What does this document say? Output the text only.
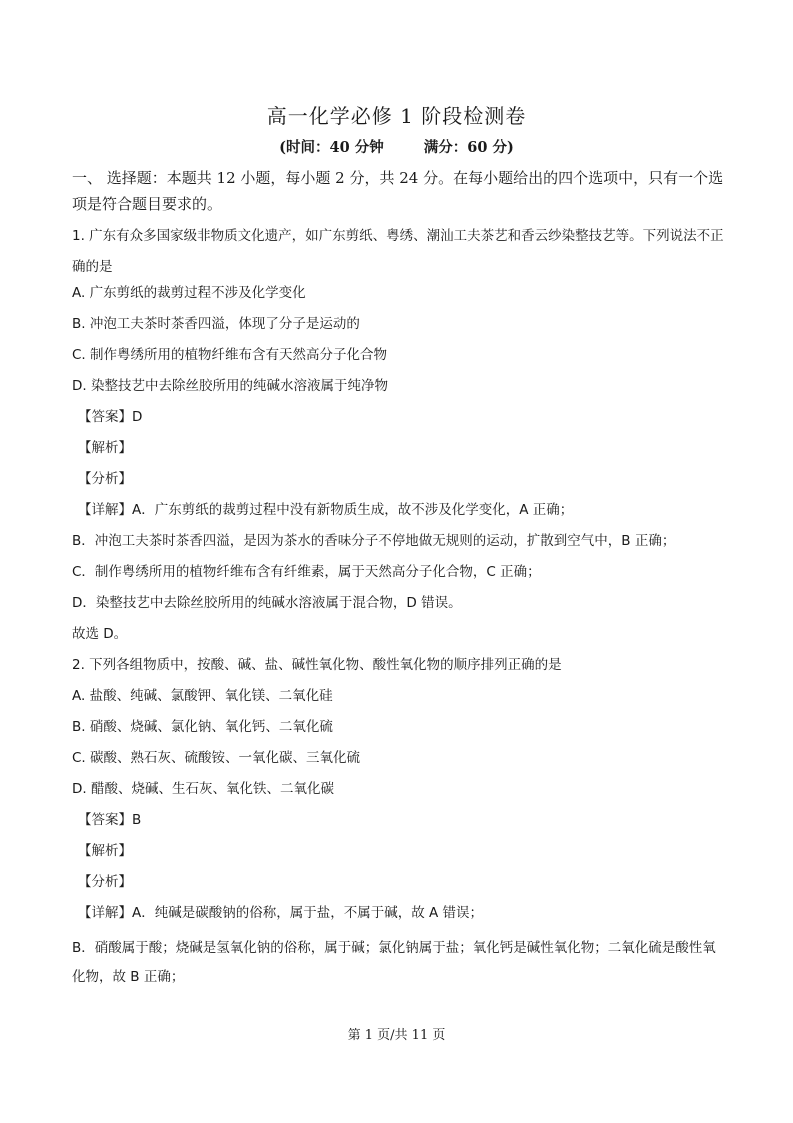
高一化学必修 1 阶段检测卷
(时间：40 分钟	满分：60 分)

一、 选择题：本题共 12 小题，每小题 2 分，共 24 分。在每小题给出的四个选项中，只有一个选项是符合题目要求的。

1. 广东有众多国家级非物质文化遗产，如广东剪纸、粤绣、潮汕工夫茶艺和香云纱染整技艺等。下列说法不正确的是

A. 广东剪纸的裁剪过程不涉及化学变化

B. 冲泡工夫茶时茶香四溢，体现了分子是运动的

C. 制作粤绣所用的植物纤维布含有天然高分子化合物

D. 染整技艺中去除丝胶所用的纯碱水溶液属于纯净物

【答案】D

【解析】

【分析】

【详解】A．广东剪纸的裁剪过程中没有新物质生成，故不涉及化学变化，A 正确；

B．冲泡工夫茶时茶香四溢，是因为茶水的香味分子不停地做无规则的运动，扩散到空气中，B 正确；

C．制作粤绣所用的植物纤维布含有纤维素，属于天然高分子化合物，C 正确；

D．染整技艺中去除丝胶所用的纯碱水溶液属于混合物，D 错误。

故选 D。

2. 下列各组物质中，按酸、碱、盐、碱性氧化物、酸性氧化物的顺序排列正确的是

A. 盐酸、纯碱、氯酸钾、氧化镁、二氧化硅

B. 硝酸、烧碱、氯化钠、氧化钙、二氧化硫

C. 碳酸、熟石灰、硫酸铵、一氧化碳、三氧化硫

D. 醋酸、烧碱、生石灰、氧化铁、二氧化碳

【答案】B

【解析】

【分析】

【详解】A．纯碱是碳酸钠的俗称，属于盐，不属于碱，故 A 错误；

B．硝酸属于酸；烧碱是氢氧化钠的俗称，属于碱；氯化钠属于盐；氧化钙是碱性氧化物；二氧化硫是酸性氧化物，故 B 正确；

第 1 页/共 11 页
